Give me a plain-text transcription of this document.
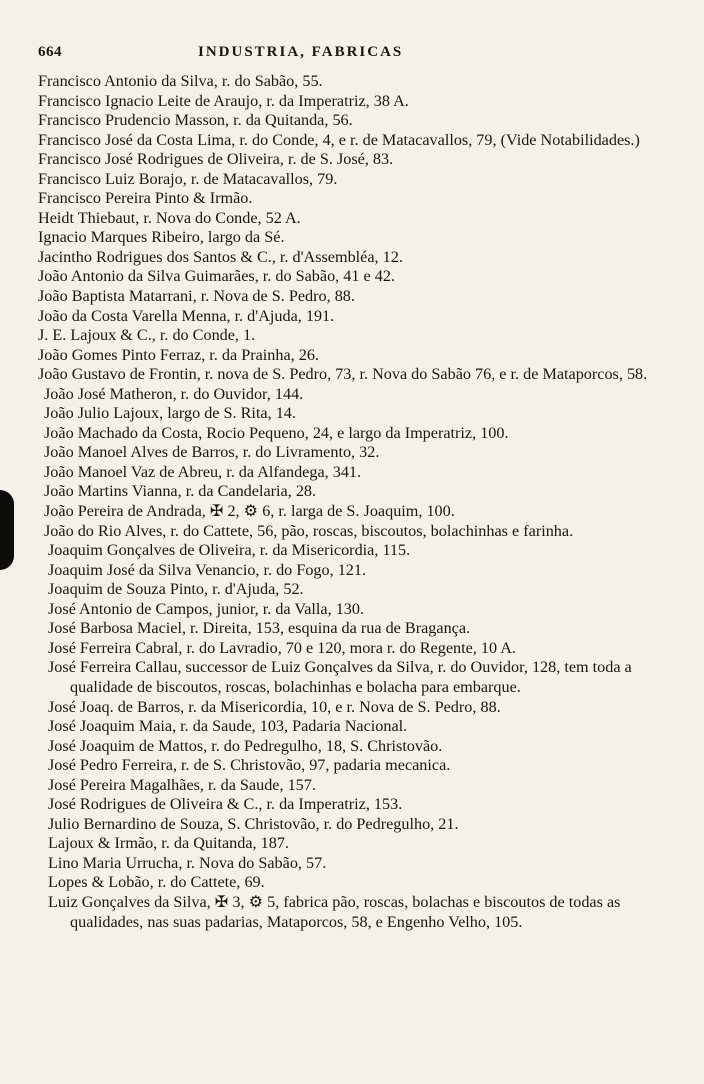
664	INDUSTRIA, FABRICAS
Francisco Antonio da Silva, r. do Sabão, 55.
Francisco Ignacio Leite de Araujo, r. da Imperatriz, 38 A.
Francisco Prudencio Masson, r. da Quitanda, 56.
Francisco José da Costa Lima, r. do Conde, 4, e r. de Matacavallos, 79, (Vide Notabilidades.)
Francisco José Rodrigues de Oliveira, r. de S. José, 83.
Francisco Luiz Borajo, r. de Matacavallos, 79.
Francisco Pereira Pinto & Irmão.
Heidt Thiebaut, r. Nova do Conde, 52 A.
Ignacio Marques Ribeiro, largo da Sé.
Jacintho Rodrigues dos Santos & C., r. d'Assembléa, 12.
João Antonio da Silva Guimarães, r. do Sabão, 41 e 42.
João Baptista Matarrani, r. Nova de S. Pedro, 88.
João da Costa Varella Menna, r. d'Ajuda, 191.
J. E. Lajoux & C., r. do Conde, 1.
João Gomes Pinto Ferraz, r. da Prainha, 26.
João Gustavo de Frontin, r. nova de S. Pedro, 73, r. Nova do Sabão 76, e r. de Mataporcos, 58.
João José Matheron, r. do Ouvidor, 144.
João Julio Lajoux, largo de S. Rita, 14.
João Machado da Costa, Rocio Pequeno, 24, e largo da Imperatriz, 100.
João Manoel Alves de Barros, r. do Livramento, 32.
João Manoel Vaz de Abreu, r. da Alfandega, 341.
João Martins Vianna, r. da Candelaria, 28.
João Pereira de Andrada, ✠ 2, ⚙ 6, r. larga de S. Joaquim, 100.
João do Rio Alves, r. do Cattete, 56, pão, roscas, biscoutos, bolachinhas e farinha.
Joaquim Gonçalves de Oliveira, r. da Misericordia, 115.
Joaquim José da Silva Venancio, r. do Fogo, 121.
Joaquim de Souza Pinto, r. d'Ajuda, 52.
José Antonio de Campos, junior, r. da Valla, 130.
José Barbosa Maciel, r. Direita, 153, esquina da rua de Bragança.
José Ferreira Cabral, r. do Lavradio, 70 e 120, mora r. do Regente, 10 A.
José Ferreira Callau, successor de Luiz Gonçalves da Silva, r. do Ouvidor, 128, tem toda a qualidade de biscoutos, roscas, bolachinhas e bolacha para embarque.
José Joaq. de Barros, r. da Misericordia, 10, e r. Nova de S. Pedro, 88.
José Joaquim Maia, r. da Saude, 103, Padaria Nacional.
José Joaquim de Mattos, r. do Pedregulho, 18, S. Christovão.
José Pedro Ferreira, r. de S. Christovão, 97, padaria mecanica.
José Pereira Magalhães, r. da Saude, 157.
José Rodrigues de Oliveira & C., r. da Imperatriz, 153.
Julio Bernardino de Souza, S. Christovão, r. do Pedregulho, 21.
Lajoux & Irmão, r. da Quitanda, 187.
Lino Maria Urrucha, r. Nova do Sabão, 57.
Lopes & Lobão, r. do Cattete, 69.
Luiz Gonçalves da Silva, ✠ 3, ⚙ 5, fabrica pão, roscas, bolachas e biscoutos de todas as qualidades, nas suas padarias, Mataporcos, 58, e Engenho Velho, 105.
